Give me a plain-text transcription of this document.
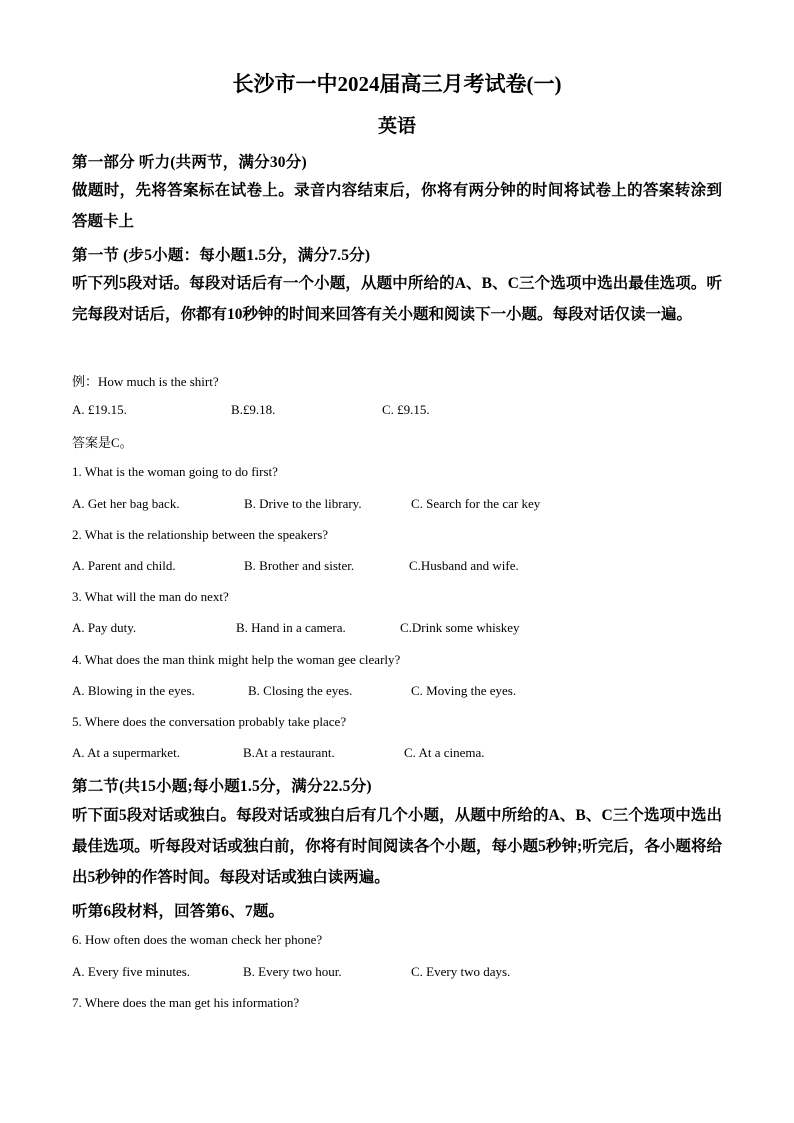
长沙市一中2024届高三月考试卷(一)
英语
第一部分 听力(共两节，满分30分)
做题时，先将答案标在试卷上。录音内容结束后，你将有两分钟的时间将试卷上的答案转涂到答题卡上
第一节 (步5小题：每小题1.5分，满分7.5分)
听下列5段对话。每段对话后有一个小题，从题中所给的A、B、C三个选项中选出最佳选项。听完每段对话后，你都有10秒钟的时间来回答有关小题和阅读下一小题。每段对话仅读一遍。
例：How much is the shirt?
A. £19.15.	B.£9.18.	C. £9.15.
答案是C。
1. What is the woman going to do first?
A. Get her bag back.	B. Drive to the library.	C. Search for the car key
2. What is the relationship between the speakers?
A. Parent and child.	B. Brother and sister.	C.Husband and wife.
3. What will the man do next?
A. Pay duty.	B. Hand in a camera.	C.Drink some whiskey
4. What does the man think might help the woman gee clearly?
A. Blowing in the eyes.	B. Closing the eyes.	C. Moving the eyes.
5. Where does the conversation probably take place?
A. At a supermarket.	B.At a restaurant.	C. At a cinema.
第二节(共15小题;每小题1.5分，满分22.5分)
听下面5段对话或独白。每段对话或独白后有几个小题，从题中所给的A、B、C三个选项中选出最佳选项。听每段对话或独白前，你将有时间阅读各个小题，每小题5秒钟;听完后，各小题将给出5秒钟的作答时间。每段对话或独白读两遍。
听第6段材料，回答第6、7题。
6. How often does the woman check her phone?
A. Every five minutes.	B. Every two hour.	C. Every two days.
7. Where does the man get his information?
